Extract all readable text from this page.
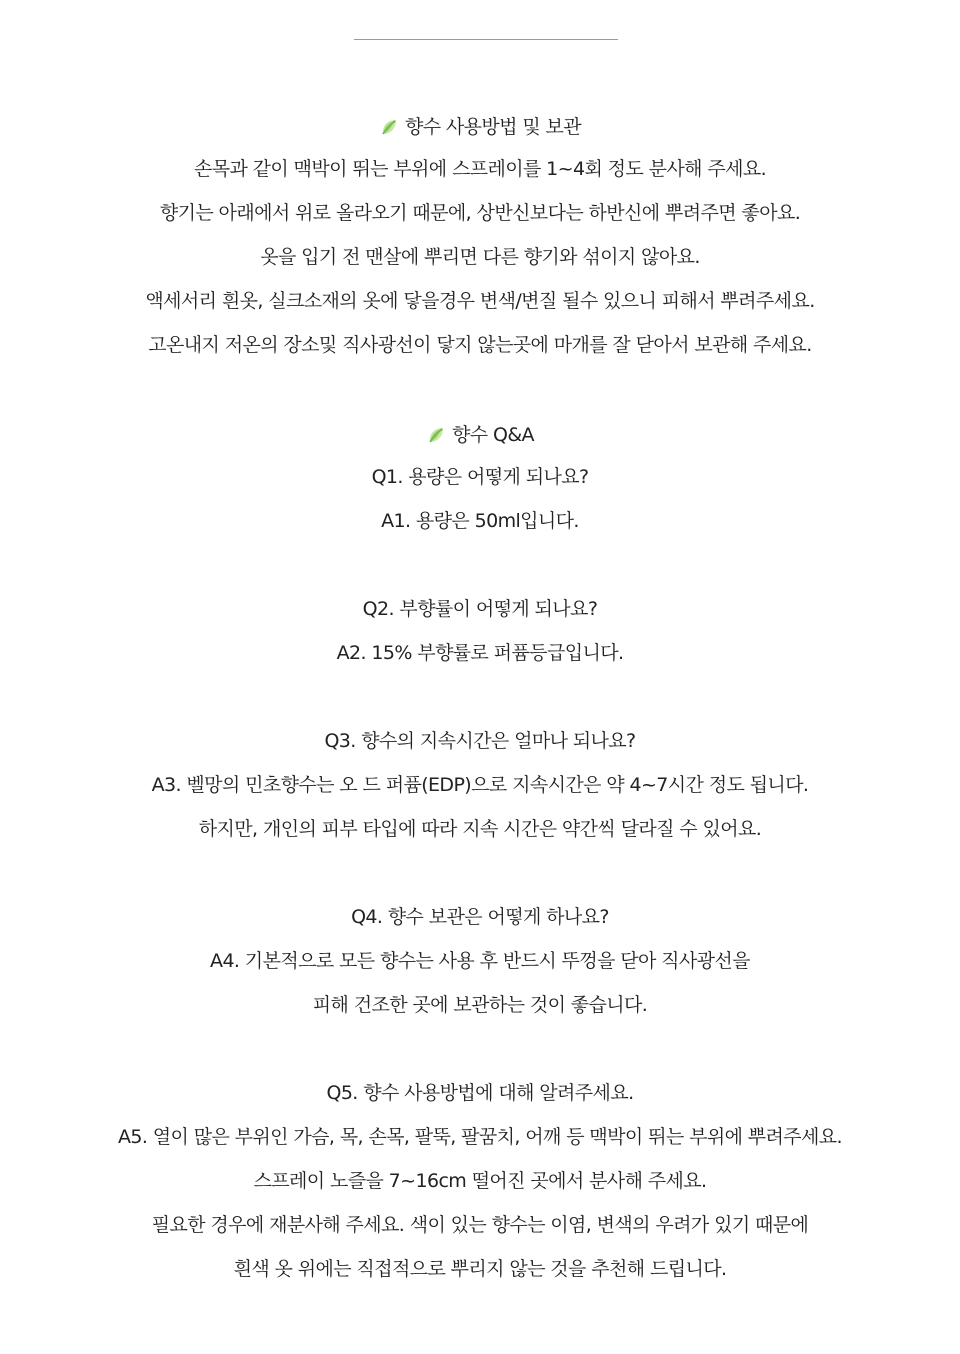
향수 사용방법 및 보관
손목과 같이 맥박이 뛰는 부위에 스프레이를 1~4회 정도 분사해 주세요.
향기는 아래에서 위로 올라오기 때문에, 상반신보다는 하반신에 뿌려주면 좋아요.
옷을 입기 전 맨살에 뿌리면 다른 향기와 섞이지 않아요.
액세서리 흰옷, 실크소재의 옷에 닿을경우 변색/변질 될수 있으니 피해서 뿌려주세요.
고온내지 저온의 장소및 직사광선이 닿지 않는곳에 마개를 잘 닫아서 보관해 주세요.
향수 Q&A
Q1. 용량은 어떻게 되나요?
A1. 용량은 50ml입니다.
Q2. 부향률이 어떻게 되나요?
A2. 15% 부향률로 퍼퓸등급입니다.
Q3. 향수의 지속시간은 얼마나 되나요?
A3. 벨망의 민초향수는 오 드 퍼퓸(EDP)으로 지속시간은 약 4~7시간 정도 됩니다.
하지만, 개인의 피부 타입에 따라 지속 시간은 약간씩 달라질 수 있어요.
Q4. 향수 보관은 어떻게 하나요?
A4. 기본적으로 모든 향수는 사용 후 반드시 뚜껑을 닫아 직사광선을
피해 건조한 곳에 보관하는 것이 좋습니다.
Q5. 향수 사용방법에 대해 알려주세요.
A5. 열이 많은 부위인 가슴, 목, 손목, 팔뚝, 팔꿈치, 어깨 등 맥박이 뛰는 부위에 뿌려주세요.
스프레이 노즐을 7~16cm 떨어진 곳에서 분사해 주세요.
필요한 경우에 재분사해 주세요. 색이 있는 향수는 이염, 변색의 우려가 있기 때문에
흰색 옷 위에는 직접적으로 뿌리지 않는 것을 추천해 드립니다.
